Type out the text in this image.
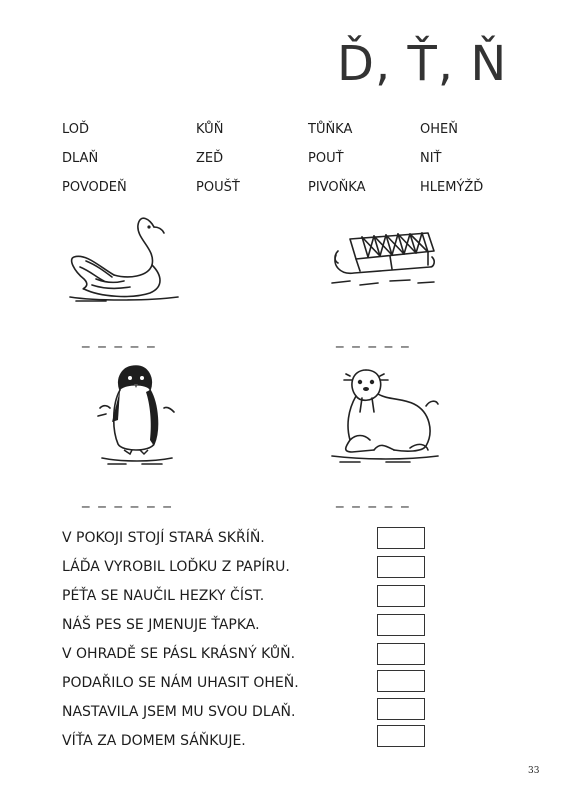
Ď, Ť, Ň
LOĎ
DLAŇ
POVODEŇ
KŮŇ
ZEĎ
POUŠŤ
TŮŇKA
POUŤ
PIVOŇKA
OHEŇ
NIŤ
HLEMÝŽĎ
_ _ _ _ _	_ _ _ _ _
_ _ _ _ _ _	_ _ _ _ _
V POKOJI STOJÍ STARÁ SKŘÍŇ.
LÁĎA VYROBIL LOĎKU Z PAPÍRU.
PÉŤA SE NAUČIL HEZKY ČÍST.
NÁŠ PES SE JMENUJE ŤAPKA.
V OHRADĚ SE PÁSL KRÁSNÝ KŮŇ.
PODAŘILO SE NÁM UHASIT OHEŇ.
NASTAVILA JSEM MU SVOU DLAŇ.
VÍŤA ZA DOMEM SÁŇKUJE.
33
